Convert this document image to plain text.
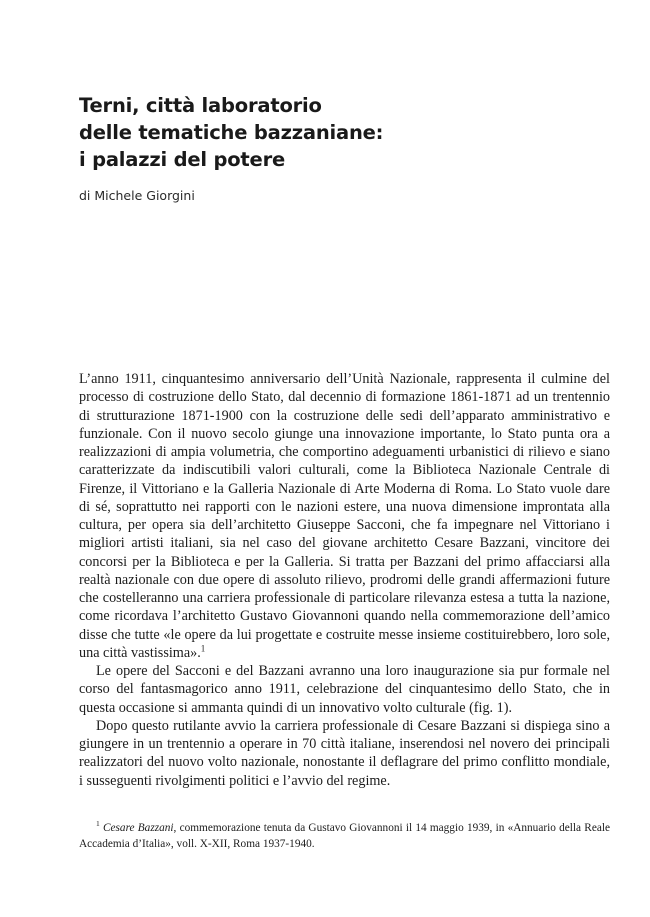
Terni, città laboratorio
delle tematiche bazzaniane:
i palazzi del potere
di Michele Giorgini

L’anno 1911, cinquantesimo anniversario dell’Unità Nazionale, rappresenta il culmine del processo di costruzione dello Stato, dal decennio di formazione 1861-1871 ad un trentennio di strutturazione 1871-1900 con la costruzione delle sedi dell’apparato amministrativo e funzionale. Con il nuovo secolo giunge una innovazione importante, lo Stato punta ora a realizzazioni di ampia volumetria, che comportino adeguamenti urbanistici di rilievo e siano caratterizzate da indiscutibili valori culturali, come la Biblioteca Nazionale Centrale di Firenze, il Vittoriano e la Galleria Nazionale di Arte Moderna di Roma. Lo Stato vuole dare di sé, soprattutto nei rapporti con le nazioni estere, una nuova dimensione improntata alla cultura, per opera sia dell’architetto Giuseppe Sacconi, che fa impegnare nel Vittoriano i migliori artisti italiani, sia nel caso del giovane architetto Cesare Bazzani, vincitore dei concorsi per la Biblioteca e per la Galleria. Si tratta per Bazzani del primo affacciarsi alla realtà nazionale con due opere di assoluto rilievo, prodromi delle grandi affermazioni future che costelleranno una carriera professionale di particolare rilevanza estesa a tutta la nazione, come ricordava l’architetto Gustavo Giovannoni quando nella commemorazione dell’amico disse che tutte «le opere da lui progettate e costruite messe insieme costituirebbero, loro sole, una città vastissima».$^1$

Le opere del Sacconi e del Bazzani avranno una loro inaugurazione sia pur formale nel corso del fantasmagorico anno 1911, celebrazione del cinquantesimo dello Stato, che in questa occasione si ammanta quindi di un innovativo volto culturale (fig. 1).

Dopo questo rutilante avvio la carriera professionale di Cesare Bazzani si dispiega sino a giungere in un trentennio a operare in 70 città italiane, inserendosi nel novero dei principali realizzatori del nuovo volto nazionale, nonostante il deflagrare del primo conflitto mondiale, i susseguenti rivolgimenti politici e l’avvio del regime.

$^1$ Cesare Bazzani, commemorazione tenuta da Gustavo Giovannoni il 14 maggio 1939, in «Annuario della Reale Accademia d’Italia», voll. X-XII, Roma 1937-1940.
